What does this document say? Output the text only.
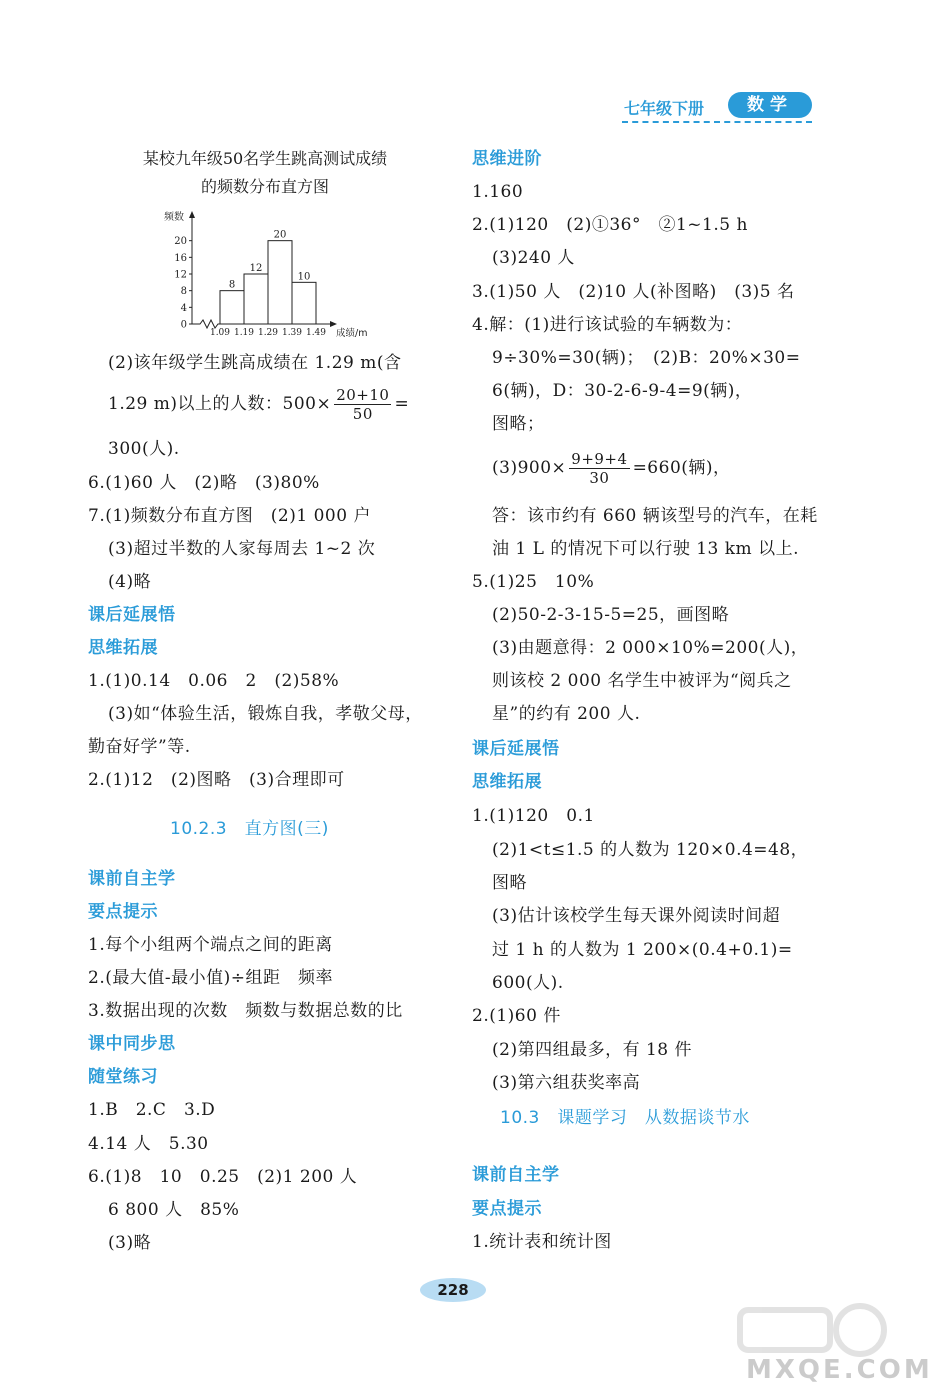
七年级下册	数学
某校九年级50名学生跳高测试成绩
的频数分布直方图
0
4
8
12
16
20
频数
8
12
20
10
1.09 1.19 1.29 1.39 1.49 成绩/m
(2)该年级学生跳高成绩在 1.29 m(含
1.29 m)以上的人数：$500\times \frac{20+10}{50}$ =
300(人).
6.(1)60 人　(2)略　(3)80%
7.(1)频数分布直方图　(2)1 000 户
(3)超过半数的人家每周去 1~2 次
(4)略
课后延展悟
思维拓展
1.(1)0.14　0.06　2　(2)58%
(3)如“体验生活，锻炼自我，孝敬父母，
勤奋好学”等.
2.(1)12　(2)图略　(3)合理即可
10.2.3　直方图(三)
课前自主学
要点提示
1.每个小组两个端点之间的距离
2.(最大值-最小值)÷组距　频率
3.数据出现的次数　频数与数据总数的比
课中同步思
随堂练习
1.B　2.C　3.D
4.14 人　5.30
6.(1)8　10　0.25　(2)1 200 人
6 800 人　85%
(3)略
思维进阶
1.160
2.(1)120　(2)①36°　②1~1.5 h
(3)240 人
3.(1)50 人　(2)10 人(补图略)　(3)5 名
4.解：(1)进行该试验的车辆数为：
9÷30%=30(辆)；　(2)B：20%×30=
6(辆)，D：30-2-6-9-4=9(辆)，
图略；
$(3)900\times \frac{9+9+4}{30} =660$(辆)，
答：该市约有 660 辆该型号的汽车，在耗
油 1 L 的情况下可以行驶 13 km 以上.
5.(1)25　10%
(2)50-2-3-15-5=25，画图略
(3)由题意得：2 000×10%=200(人)，
则该校 2 000 名学生中被评为“阅兵之
星”的约有 200 人.
课后延展悟
思维拓展
1.(1)120　0.1
(2)1<t≤1.5 的人数为 120×0.4=48，
图略
(3)估计该校学生每天课外阅读时间超
过 1 h 的人数为 1 200×(0.4+0.1)=
600(人).
2.(1)60 件
(2)第四组最多，有 18 件
(3)第六组获奖率高
10.3　课题学习　从数据谈节水
课前自主学
要点提示
1.统计表和统计图
228
MXQE.COM
